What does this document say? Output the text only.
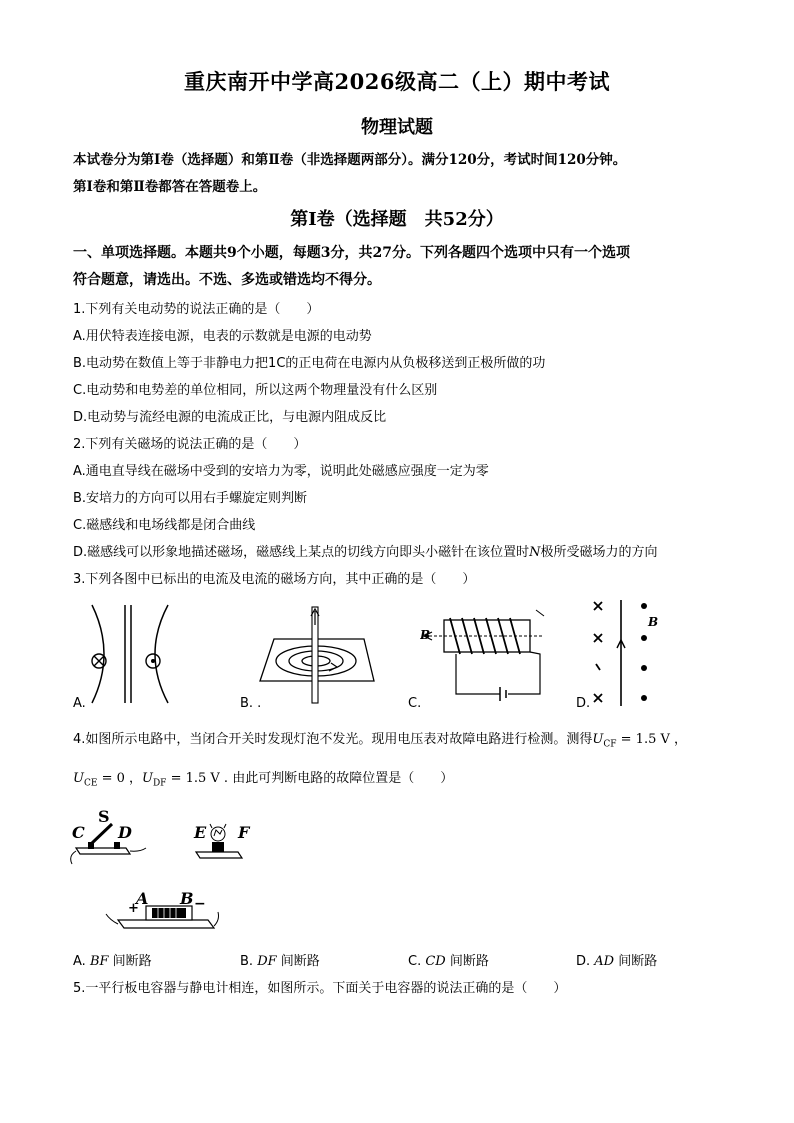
重庆南开中学高2026级高二（上）期中考试
物理试题
本试卷分为第Ⅰ卷（选择题）和第Ⅱ卷（非选择题两部分）。满分120分，考试时间120分钟。
第Ⅰ卷和第Ⅱ卷都答在答题卷上。
第Ⅰ卷（选择题　共52分）
一、单项选择题。本题共9个小题，每题3分，共27分。下列各题四个选项中只有一个选项
符合题意，请选出。不选、多选或错选均不得分。
1.下列有关电动势的说法正确的是（　　）
A.用伏特表连接电源，电表的示数就是电源的电动势
B.电动势在数值上等于非静电力把1C的正电荷在电源内从负极移送到正极所做的功
C.电动势和电势差的单位相同，所以这两个物理量没有什么区别
D.电动势与流经电源的电流成正比，与电源内阻成反比
2.下列有关磁场的说法正确的是（　　）
A.通电直导线在磁场中受到的安培力为零，说明此处磁感应强度一定为零
B.安培力的方向可以用右手螺旋定则判断
C.磁感线和电场线都是闭合曲线
D.磁感线可以形象地描述磁场，磁感线上某点的切线方向即头小磁针在该位置时N极所受磁场力的方向
3.下列各图中已标出的电流及电流的磁场方向，其中正确的是（　　）
A.	B. .
B
C.
B
D.
4.如图所示电路中，当闭合开关时发现灯泡不发光。现用电压表对故障电路进行检测。测得$U_{CF} = 1.5$ V ，
$U_{CE} = 0$ ，$U_{DF} = 1.5$ V . 由此可判断电路的故障位置是（　　）
C
S
D	E F
+
A B −
A. BF 间断路	B. DF 间断路	C. CD 间断路	D. AD 间断路
5.一平行板电容器与静电计相连，如图所示。下面关于电容器的说法正确的是（　　）
